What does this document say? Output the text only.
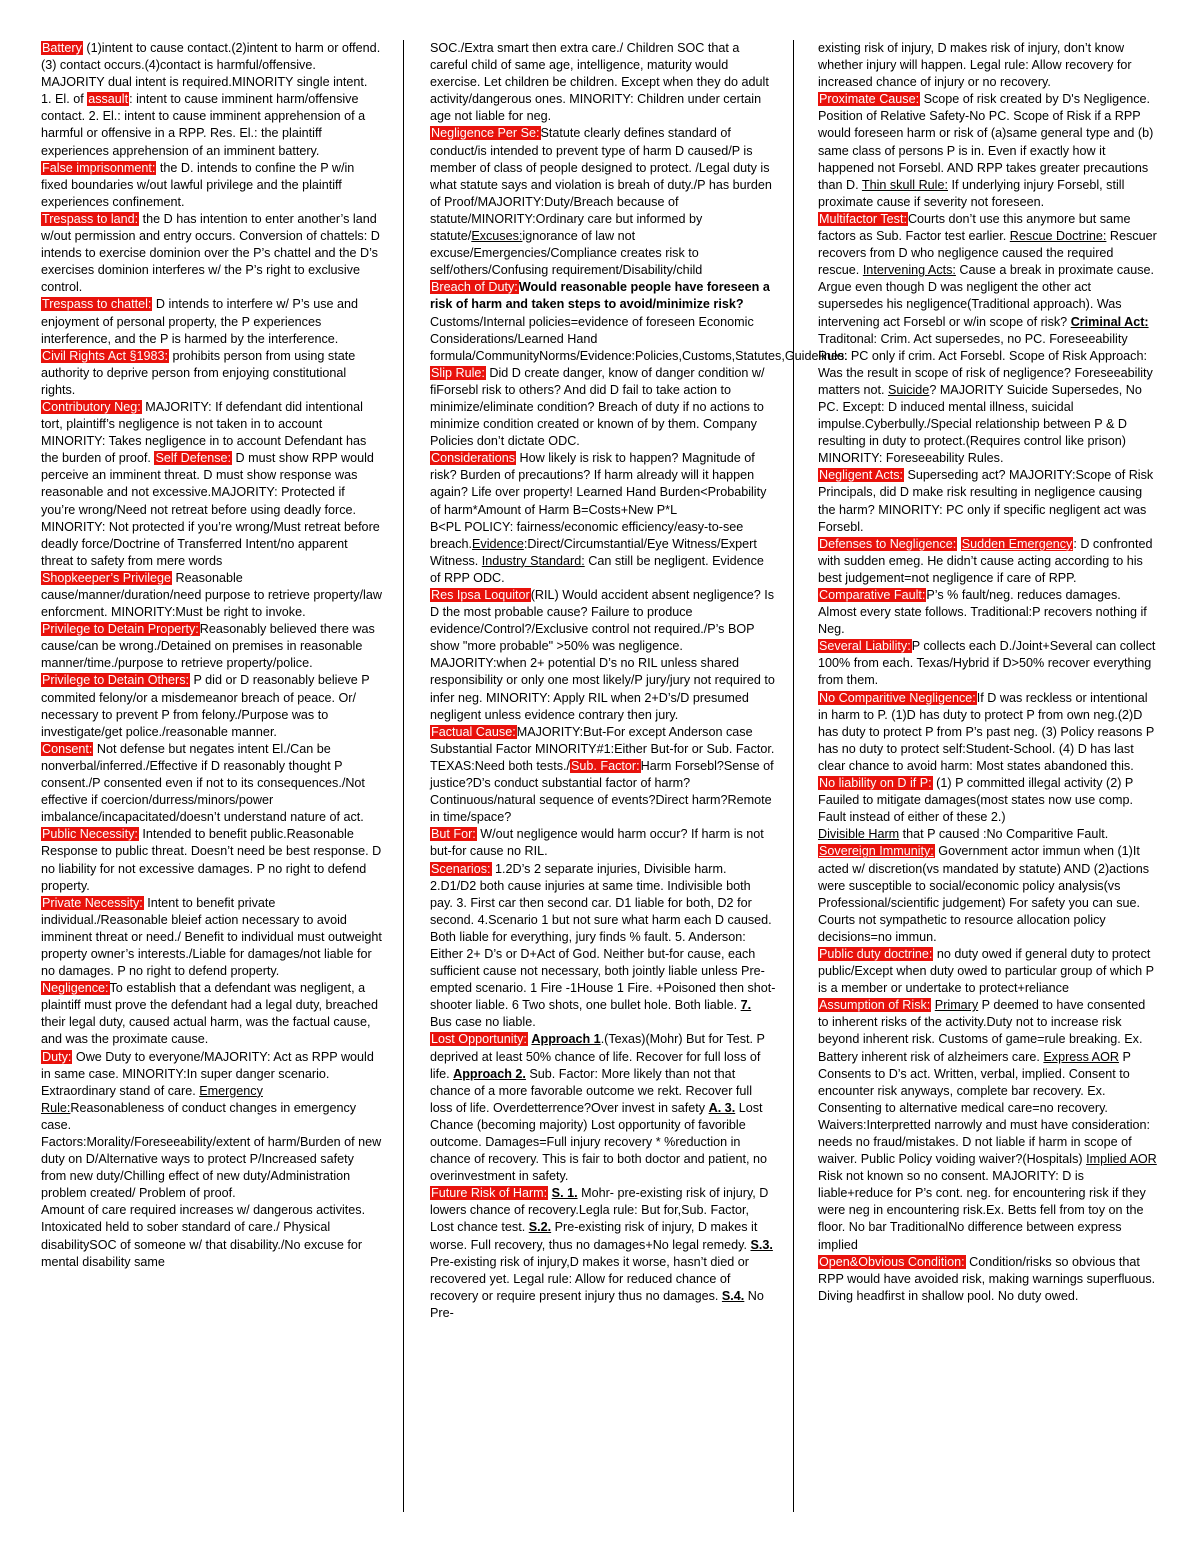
Battery (1)intent to cause contact.(2)intent to harm or offend. (3) contact occurs.(4)contact is harmful/offensive. MAJORITY dual intent is required.MINORITY single intent.

1. El. of assault: intent to cause imminent harm/offensive contact. 2. El.: intent to cause imminent apprehension of a harmful or offensive in a RPP. Res. El.: the plaintiff experiences apprehension of an imminent battery.

False imprisonment: the D. intends to confine the P w/in fixed boundaries w/out lawful privilege and the plaintiff experiences confinement.

Trespass to land: the D has intention to enter another’s land w/out permission and entry occurs. Conversion of chattels: D intends to exercise dominion over the P’s chattel and the D’s exercises dominion interferes w/ the P’s right to exclusive control.

Trespass to chattel: D intends to interfere w/ P’s use and enjoyment of personal property, the P experiences interference, and the P is harmed by the interference.

Civil Rights Act §1983: prohibits person from using state authority to deprive person from enjoying constitutional rights.

Contributory Neg: MAJORITY: If defendant did intentional tort, plaintiff’s negligence is not taken in to account MINORITY: Takes negligence in to account Defendant has the burden of proof. Self Defense: D must show RPP would perceive an imminent threat. D must show response was reasonable and not excessive.MAJORITY: Protected if you’re wrong/Need not retreat before using deadly force. MINORITY: Not protected if you’re wrong/Must retreat before deadly force/Doctrine of Transferred Intent/no apparent threat to safety from mere words

Shopkeeper’s Privilege Reasonable cause/manner/duration/need purpose to retrieve property/law enforcment. MINORITY:Must be right to invoke.

Privilege to Detain Property:Reasonably believed there was cause/can be wrong./Detained on premises in reasonable manner/time./purpose to retrieve property/police.

Privilege to Detain Others: P did or D reasonably believe P commited felony/or a misdemeanor breach of peace. Or/ necessary to prevent P from felony./Purpose was to investigate/get police./reasonable manner.

Consent: Not defense but negates intent El./Can be nonverbal/inferred./Effective if D reasonably thought P consent./P consented even if not to its consequences./Not effective if coercion/durress/minors/power imbalance/incapacitated/doesn’t understand nature of act.

Public Necessity: Intended to benefit public.Reasonable Response to public threat. Doesn’t need be best response. D no liability for not excessive damages. P no right to defend property.

Private Necessity: Intent to benefit private individual./Reasonable bleief action necessary to avoid imminent threat or need./ Benefit to individual must outweight property owner’s interests./Liable for damages/not liable for no damages. P no right to defend property.

Negligence:To establish that a defendant was negligent, a plaintiff must prove the defendant had a legal duty, breached their legal duty, caused actual harm, was the factual cause, and was the proximate cause.

Duty: Owe Duty to everyone/MAJORITY: Act as RPP would in same case. MINORITY:In super danger scenario. Extraordinary stand of care. Emergency Rule:Reasonableness of conduct changes in emergency case.

Factors:Morality/Foreseeability/extent of harm/Burden of new duty on D/Alternative ways to protect P/Increased safety from new duty/Chilling effect of new duty/Administration problem created/ Problem of proof.

Amount of care required increases w/ dangerous activites. Intoxicated held to sober standard of care./ Physical disabilitySOC of someone w/ that disability./No excuse for mental disability same

SOC./Extra smart then extra care./ Children SOC that a careful child of same age, intelligence, maturity would exercise. Let children be children. Except when they do adult activity/dangerous ones. MINORITY: Children under certain age not liable for neg.

Negligence Per Se:Statute clearly defines standard of conduct/is intended to prevent type of harm D caused/P is member of class of people designed to protect. /Legal duty is what statute says and violation is breah of duty./P has burden of Proof/MAJORITY:Duty/Breach because of statute/MINORITY:Ordinary care but informed by statute/Excuses:ignorance of law not excuse/Emergencies/Compliance creates risk to self/others/Confusing requirement/Disability/child

Breach of Duty:Would reasonable people have foreseen a risk of harm and taken steps to avoid/minimize risk?

Customs/Internal policies=evidence of foreseen Economic Considerations/Learned Hand formula/CommunityNorms/Evidence:Policies,Customs,Statutes,Guidelines.

Slip Rule: Did D create danger, know of danger condition w/ fiForsebl risk to others? And did D fail to take action to minimize/eliminate condition? Breach of duty if no actions to minimize condition created or known of by them. Company Policies don’t dictate ODC.

Considerations How likely is risk to happen? Magnitude of risk? Burden of precautions? If harm already will it happen again? Life over property! Learned Hand Burden<Probability of harm*Amount of Harm B=Costs+New P*L

B<PL POLICY: fairness/economic efficiency/easy-to-see breach.Evidence:Direct/Circumstantial/Eye Witness/Expert Witness. Industry Standard: Can still be negligent. Evidence of RPP ODC.

Res Ipsa Loquitor(RIL) Would accident absent negligence? Is D the most probable cause? Failure to produce evidence/Control?/Exclusive control not required./P’s BOP show "more probable" >50% was negligence. MAJORITY:when 2+ potential D’s no RIL unless shared responsibility or only one most likely/P jury/jury not required to infer neg. MINORITY: Apply RIL when 2+D’s/D presumed negligent unless evidence contrary then jury.

Factual Cause:MAJORITY:But-For except Anderson case Substantial Factor MINORITY#1:Either But-for or Sub. Factor. TEXAS:Need both tests./Sub. Factor:Harm Forsebl?Sense of justice?D’s conduct substantial factor of harm?Continuous/natural sequence of events?Direct harm?Remote in time/space?

But For: W/out negligence would harm occur? If harm is not but-for cause no RIL.

Scenarios: 1.2D’s 2 separate injuries, Divisible harm. 2.D1/D2 both cause injuries at same time. Indivisible both pay. 3. First car then second car. D1 liable for both, D2 for second. 4.Scenario 1 but not sure what harm each D caused. Both liable for everything, jury finds % fault. 5. Anderson: Either 2+ D’s or D+Act of God. Neither but-for cause, each sufficient cause not necessary, both jointly liable unless Pre-empted scenario. 1 Fire -1House 1 Fire. +Poisoned then shot-shooter liable. 6 Two shots, one bullet hole. Both liable. 7. Bus case no liable.

Lost Opportunity: Approach 1.(Texas)(Mohr) But for Test. P deprived at least 50% chance of life. Recover for full loss of life. Approach 2. Sub. Factor: More likely than not that chance of a more favorable outcome we rekt. Recover full loss of life. Overdetterrence?Over invest in safety A. 3. Lost Chance (becoming majority) Lost opportunity of favorible outcome. Damages=Full injury recovery * %reduction in chance of recovery. This is fair to both doctor and patient, no overinvestment in safety.

Future Risk of Harm: S. 1. Mohr- pre-existing risk of injury, D lowers chance of recovery.Legla rule: But for,Sub. Factor, Lost chance test. S.2. Pre-existing risk of injury, D makes it worse. Full recovery, thus no damages+No legal remedy. S.3. Pre-existing risk of injury,D makes it worse, hasn’t died or recovered yet. Legal rule: Allow for reduced chance of recovery or require present injury thus no damages. S.4. No Pre-

existing risk of injury, D makes risk of injury, don’t know whether injury will happen. Legal rule: Allow recovery for increased chance of injury or no recovery.

Proximate Cause: Scope of risk created by D's Negligence. Position of Relative Safety-No PC. Scope of Risk if a RPP would foreseen harm or risk of (a)same general type and (b) same class of persons P is in. Even if exactly how it happened not Forsebl. AND RPP takes greater precautions than D. Thin skull Rule: If underlying injury Forsebl, still proximate cause if severity not foreseen.

Multifactor Test:Courts don’t use this anymore but same factors as Sub. Factor test earlier. Rescue Doctrine: Rescuer recovers from D who negligence caused the required rescue. Intervening Acts: Cause a break in proximate cause. Argue even though D was negligent the other act supersedes his negligence(Traditional approach). Was intervening act Forsebl or w/in scope of risk? Criminal Act: Traditonal: Crim. Act supersedes, no PC. Foreseeability Rule: PC only if crim. Act Forsebl. Scope of Risk Approach: Was the result in scope of risk of negligence? Foreseeability matters not. Suicide? MAJORITY Suicide Supersedes, No PC. Except: D induced mental illness, suicidal impulse.Cyberbully./Special relationship between P & D resulting in duty to protect.(Requires control like prison) MINORITY: Foreseeability Rules.

Negligent Acts: Superseding act? MAJORITY:Scope of Risk Principals, did D make risk resulting in negligence causing the harm? MINORITY: PC only if specific negligent act was Forsebl.

Defenses to Negligence: Sudden Emergency: D confronted with sudden emeg. He didn’t cause acting according to his best judgement=not negligence if care of RPP.

Comparative Fault:P’s % fault/neg. reduces damages. Almost every state follows. Traditional:P recovers nothing if Neg.

Several Liability:P collects each D./Joint+Several can collect 100% from each. Texas/Hybrid if D>50% recover everything from them.

No Comparitive Negligence:If D was reckless or intentional in harm to P. (1)D has duty to protect P from own neg.(2)D has duty to protect P from P’s past neg. (3) Policy reasons P has no duty to protect self:Student-School. (4) D has last clear chance to avoid harm: Most states abandoned this.

No liability on D if P: (1) P committed illegal activity (2) P Fauiled to mitigate damages(most states now use comp. Fault instead of either of these 2.)

Divisible Harm that P caused :No Comparitive Fault.

Sovereign Immunity: Government actor immun when (1)It acted w/ discretion(vs mandated by statute) AND (2)actions were susceptible to social/economic policy analysis(vs Professional/scientific judgement) For safety you can sue. Courts not sympathetic to resource allocation policy decisions=no immun.

Public duty doctrine: no duty owed if general duty to protect public/Except when duty owed to particular group of which P is a member or undertake to protect+reliance

Assumption of Risk: Primary P deemed to have consented to inherent risks of the activity.Duty not to increase risk beyond inherent risk. Customs of game=rule breaking. Ex. Battery inherent risk of alzheimers care. Express AOR P Consents to D’s act. Written, verbal, implied. Consent to encounter risk anyways, complete bar recovery. Ex. Consenting to alternative medical care=no recovery.

Waivers:Interpretted narrowly and must have consideration: needs no fraud/mistakes. D not liable if harm in scope of waiver. Public Policy voiding waiver?(Hospitals) Implied AOR Risk not known so no consent. MAJORITY: D is liable+reduce for P’s cont. neg. for encountering risk if they were neg in encountering risk.Ex. Betts fell from toy on the floor. No bar TraditionalNo difference between express implied

Open&Obvious Condition: Condition/risks so obvious that RPP would have avoided risk, making warnings superfluous. Diving headfirst in shallow pool. No duty owed.
